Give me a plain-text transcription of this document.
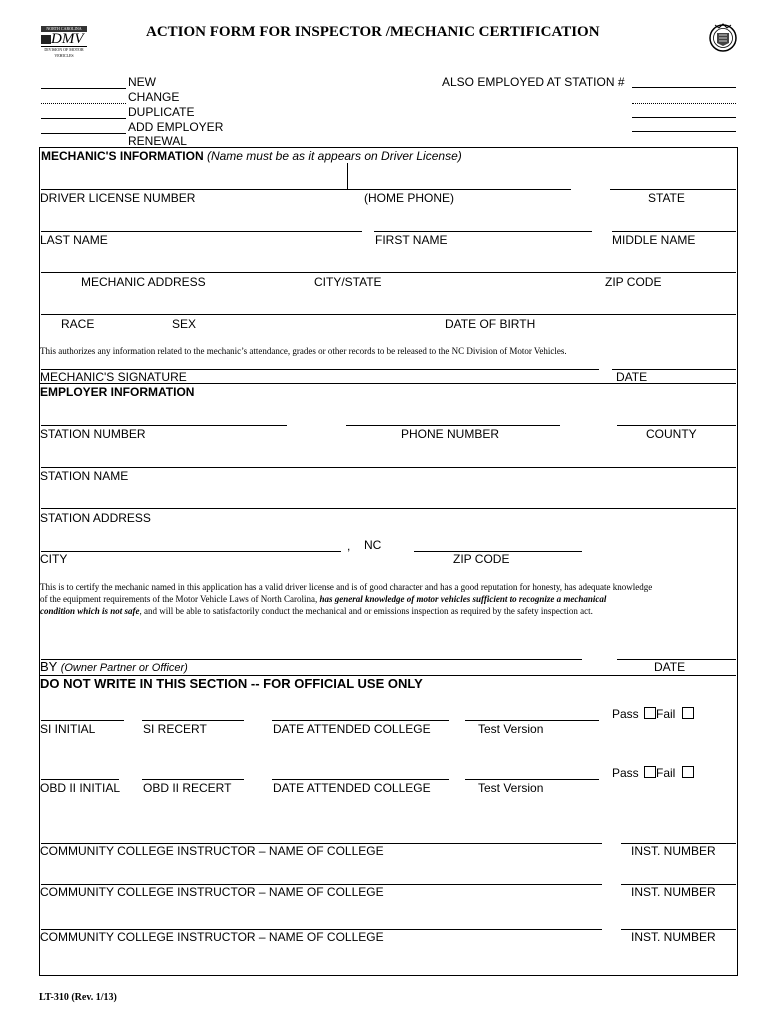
NORTH CAROLINA
DMV
DIVISION OF MOTOR VEHICLES
ACTION FORM FOR INSPECTOR /MECHANIC CERTIFICATION
NEW
CHANGE
DUPLICATE
ADD EMPLOYER
RENEWAL
ALSO EMPLOYED AT STATION #
MECHANIC'S INFORMATION (Name must be as it appears on Driver License)
DRIVER LICENSE NUMBER	(HOME PHONE)	STATE
LAST NAME	FIRST NAME	MIDDLE NAME
MECHANIC ADDRESS	CITY/STATE	ZIP CODE
RACE	SEX	DATE OF BIRTH
This authorizes any information related to the mechanic’s attendance, grades or other records to be released to the NC Division of Motor Vehicles.
MECHANIC'S SIGNATURE	DATE
EMPLOYER INFORMATION
STATION NUMBER	PHONE NUMBER	COUNTY
STATION NAME
STATION ADDRESS
, NC
CITY	ZIP CODE
This is to certify the mechanic named in this application has a valid driver license and is of good character and has a good reputation for honesty, has adequate knowledge
of the equipment requirements of the Motor Vehicle Laws of North Carolina, has general knowledge of motor vehicles sufficient to recognize a mechanical
condition which is not safe, and will be able to satisfactorily conduct the mechanical and or emissions inspection as required by the safety inspection act.
BY (Owner Partner or Officer)	DATE
DO NOT WRITE IN THIS SECTION -- FOR OFFICIAL USE ONLY
Pass Fail
SI INITIAL	SI RECERT	DATE ATTENDED COLLEGE	Test Version
Pass Fail
OBD II INITIAL OBD II RECERT	DATE ATTENDED COLLEGE	Test Version
COMMUNITY COLLEGE INSTRUCTOR – NAME OF COLLEGE	INST. NUMBER
COMMUNITY COLLEGE INSTRUCTOR – NAME OF COLLEGE	INST. NUMBER
COMMUNITY COLLEGE INSTRUCTOR – NAME OF COLLEGE	INST. NUMBER
LT-310 (Rev. 1/13)
